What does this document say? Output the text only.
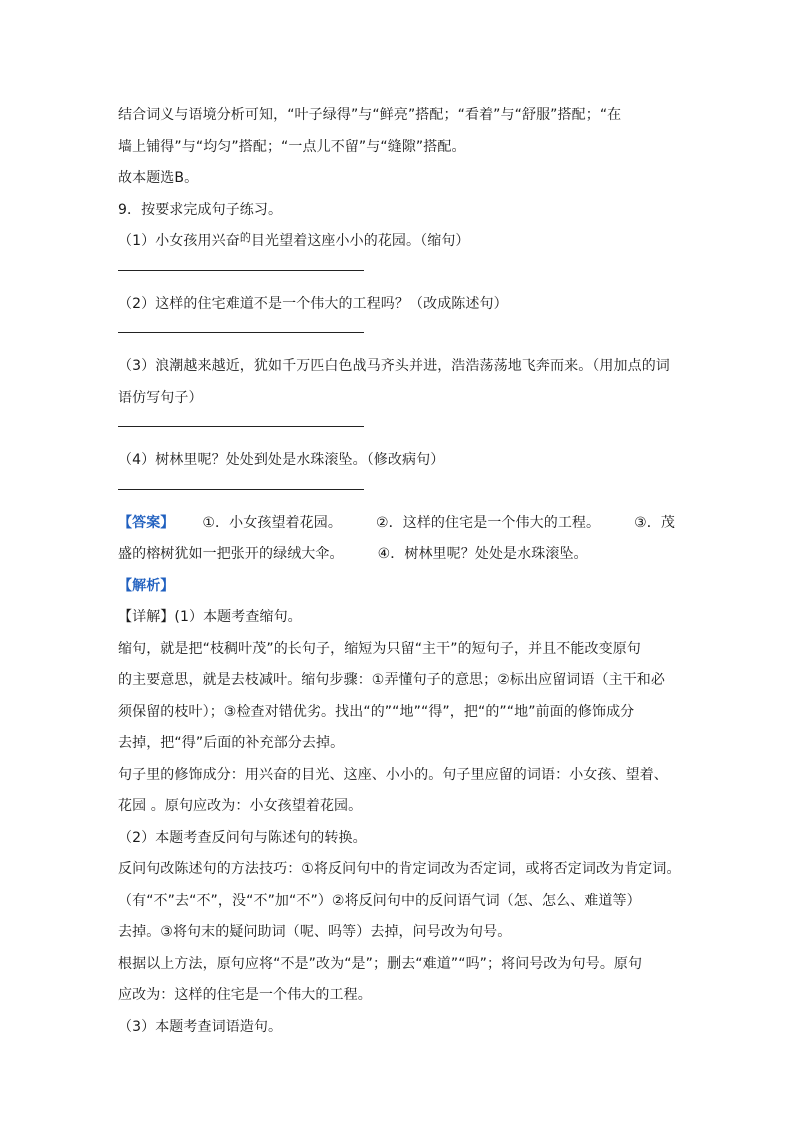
结合词义与语境分析可知，“叶子绿得”与“鲜亮”搭配；“看着”与“舒服”搭配；“在
墙上铺得”与“均匀”搭配；“一点儿不留”与“缝隙”搭配。
故本题选B。
9．按要求完成句子练习。
（1）小女孩用兴奋$^的$目光望着这座小小的花园。（缩句）
（2）这样的住宅难道不是一个伟大的工程吗？（改成陈述句）
（3）浪潮越来越近，犹如千万匹白色战马齐头并进，浩浩荡荡地飞奔而来。（用加点的词
语仿写句子）
（4）树林里呢？处处到处是水珠滚坠。（修改病句）
【答案】 ①．小女孩望着花园。 ②．这样的住宅是一个伟大的工程。 ③．茂
盛的榕树犹如一把张开的绿绒大伞。 ④．树林里呢？处处是水珠滚坠。
【解析】
【详解】(1）本题考查缩句。
缩句，就是把“枝稠叶茂”的长句子，缩短为只留“主干”的短句子，并且不能改变原句
的主要意思，就是去枝减叶。缩句步骤：①弄懂句子的意思；②标出应留词语（主干和必
须保留的枝叶）；③检查对错优劣。找出“的”“地”“得”，把“的”“地”前面的修饰成分
去掉，把“得”后面的补充部分去掉。
句子里的修饰成分：用兴奋的目光、这座、小小的。句子里应留的词语：小女孩、望着、
花园 。原句应改为：小女孩望着花园。
（2）本题考查反问句与陈述句的转换。
反问句改陈述句的方法技巧：①将反问句中的肯定词改为否定词，或将否定词改为肯定词。
（有“不”去“不”，没“不”加“不”）②将反问句中的反问语气词（怎、怎么、难道等）
去掉。③将句末的疑问助词（呢、吗等）去掉，问号改为句号。
根据以上方法，原句应将“不是”改为“是”；删去“难道”“吗”；将问号改为句号。原句
应改为：这样的住宅是一个伟大的工程。
（3）本题考查词语造句。
